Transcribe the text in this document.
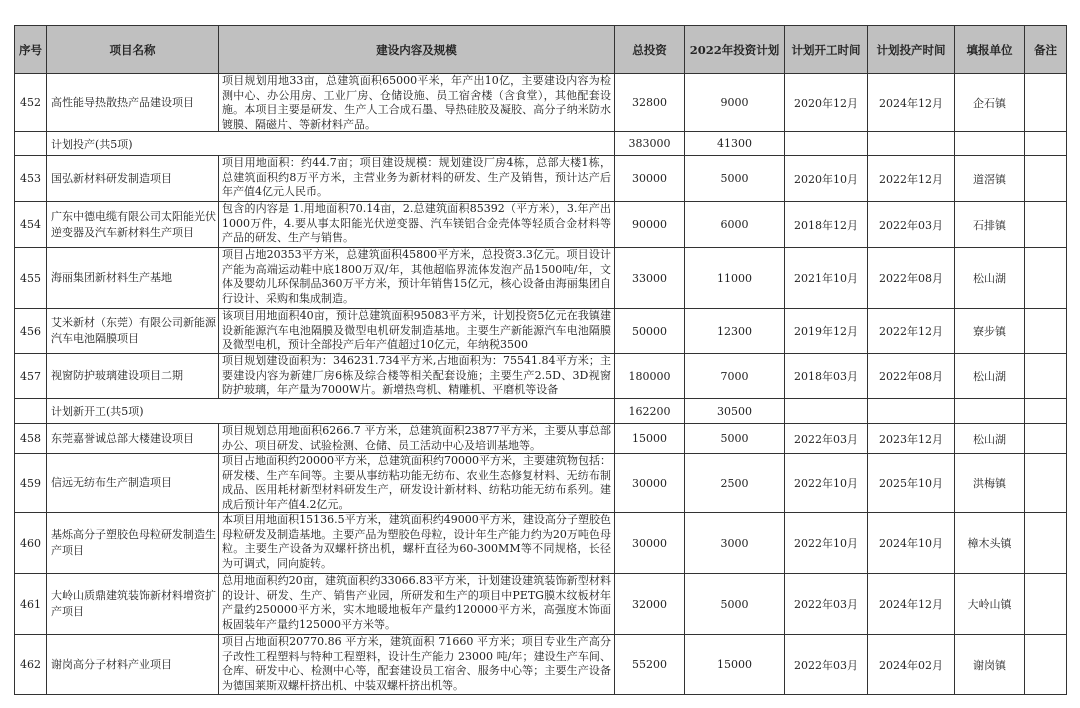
序号	项目名称	建设内容及规模	总投资	2022年投资计划	计划开工时间	计划投产时间	填报单位	备注
452	高性能导热散热产品建设项目	项目规划用地33亩，总建筑面积65000平米，年产出10亿，主要建设内容为检测中心、办公用房、工业厂房、仓储设施、员工宿舍楼（含食堂），其他配套设施。本项目主要是研发、生产人工合成石墨、导热硅胶及凝胶、高分子纳米防水镀膜、隔磁片、等新材料产品。	32800	9000	2020年12月	2024年12月	企石镇	
	计划投产(共5项)		383000	41300				
453	国弘新材料研发制造项目	项目用地面积：约44.7亩；项目建设规模：规划建设厂房4栋，总部大楼1栋，总建筑面积约8万平方米，主营业务为新材料的研发、生产及销售，预计达产后年产值4亿元人民币。	30000	5000	2020年10月	2022年12月	道滘镇	
454	广东中德电缆有限公司太阳能光伏逆变器及汽车新材料生产项目	包含的内容是 1.用地面积70.14亩，2.总建筑面积85392（平方米），3.年产出1000万件，4.要从事太阳能光伏逆变器、汽车镁铝合金壳体等轻质合金材料等产品的研发、生产与销售。	90000	6000	2018年12月	2022年03月	石排镇	
455	海丽集团新材料生产基地	项目占地20353平方米，总建筑面积45800平方米，总投资3.3亿元。项目设计产能为高端运动鞋中底1800万双/年，其他超临界流体发泡产品1500吨/年，文体及婴幼儿环保制品360万平方米，预计年销售15亿元，核心设备由海丽集团自行设计、采购和集成制造。	33000	11000	2021年10月	2022年08月	松山湖	
456	艾米新材（东莞）有限公司新能源汽车电池隔膜项目	该项目用地面积40亩，预计总建筑面积95083平方米，计划投资5亿元在我镇建设新能源汽车电池隔膜及微型电机研发制造基地。主要生产新能源汽车电池隔膜及微型电机，预计全部投产后年产值超过10亿元，年纳税3500	50000	12300	2019年12月	2022年12月	寮步镇	
457	视窗防护玻璃建设项目二期	项目规划建设面积为：346231.734平方米,占地面积为：75541.84平方米；主要建设内容为新建厂房6栋及综合楼等相关配套设施；主要生产2.5D、3D视窗防护玻璃，年产量为7000W片。新增热弯机、精雕机、平磨机等设备	180000	7000	2018年03月	2022年08月	松山湖	
	计划新开工(共5项)		162200	30500				
458	东莞嘉誉诚总部大楼建设项目	项目规划总用地面积6266.7 平方米，总建筑面积23877平方米，主要从事总部办公、项目研发、试验检测、仓储、员工活动中心及培训基地等。	15000	5000	2022年03月	2023年12月	松山湖	
459	信远无纺布生产制造项目	项目占地面积约20000平方米，总建筑面积约70000平方米，主要建筑物包括：研发楼、生产车间等。主要从事纺粘功能无纺布、农业生态修复材料、无纺布制成品、医用耗材新型材料研发生产，研发设计新材料、纺粘功能无纺布系列。建成后预计年产值4.2亿元。	30000	2500	2022年10月	2025年10月	洪梅镇	
460	基烁高分子塑胶色母粒研发制造生产项目	本项目用地面积15136.5平方米，建筑面积约49000平方米，建设高分子塑胶色母粒研发及制造基地。主要产品为塑胶色母粒，设计年生产能力约为20万吨色母粒。主要生产设备为双螺杆挤出机，螺杆直径为60-300MM等不同规格，长径为可调式，同向旋转。	30000	3000	2022年10月	2024年10月	樟木头镇	
461	大岭山质鼎建筑装饰新材料增资扩产项目	总用地面积约20亩，建筑面积约33066.83平方米，计划建设建筑装饰新型材料的设计、研发、生产、销售产业园，所研发和生产的项目中PETG膜木纹板材年产量约250000平方米，实木地暖地板年产量约120000平方米，高强度木饰面板固装年产量约125000平方米等。	32000	5000	2022年03月	2024年12月	大岭山镇	
462	谢岗高分子材料产业项目	项目占地面积20770.86 平方米，建筑面积 71660 平方米；项目专业生产高分子改性工程塑料与特种工程塑料，设计生产能力 23000 吨/年；建设生产车间、仓库、研发中心、检测中心等，配套建设员工宿舍、服务中心等；主要生产设备为德国莱斯双螺杆挤出机、中装双螺杆挤出机等。	55200	15000	2022年03月	2024年02月	谢岗镇	
